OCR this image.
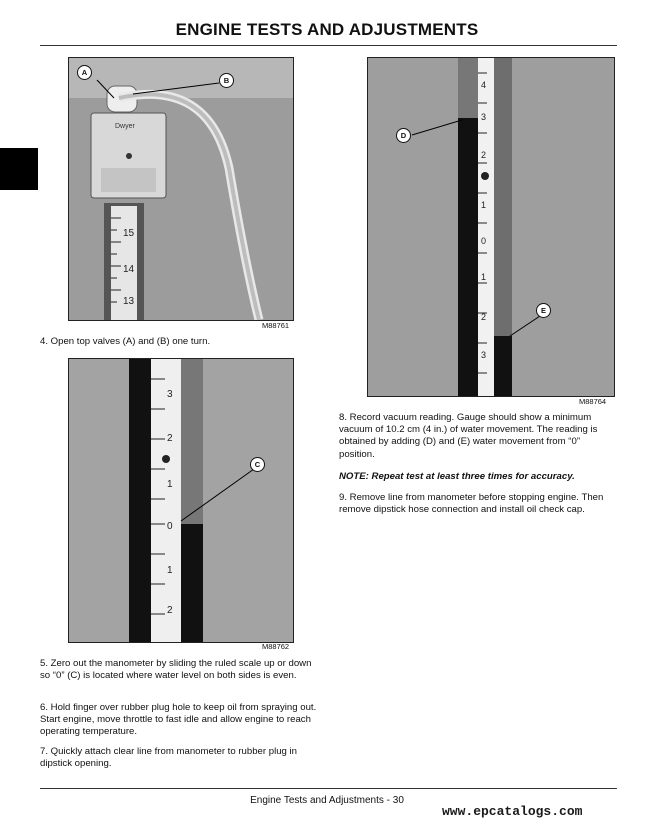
ENGINE TESTS AND ADJUSTMENTS
15
14
13
Dwyer
A
B
M88761
4. Open top valves (A) and (B) one turn.
3
2
1
0
1
2
C
M88762
5. Zero out the manometer by sliding the ruled scale up or down so “0” (C) is located where water level on both sides is even.
6. Hold finger over rubber plug hole to keep oil from spraying out. Start engine, move throttle to fast idle and allow engine to reach operating temperature.
7. Quickly attach clear line from manometer to rubber plug in dipstick opening.
4
3
2
1
0
1
2
3
D
E
M88764
8. Record vacuum reading. Gauge should show a minimum vacuum of 10.2 cm (4 in.) of water movement. The reading is obtained by adding (D) and (E) water movement from “0” position.
NOTE: Repeat test at least three times for accuracy.
9. Remove line from manometer before stopping engine. Then remove dipstick hose connection and install oil check cap.
Engine Tests and Adjustments - 30
www.epcatalogs.com
